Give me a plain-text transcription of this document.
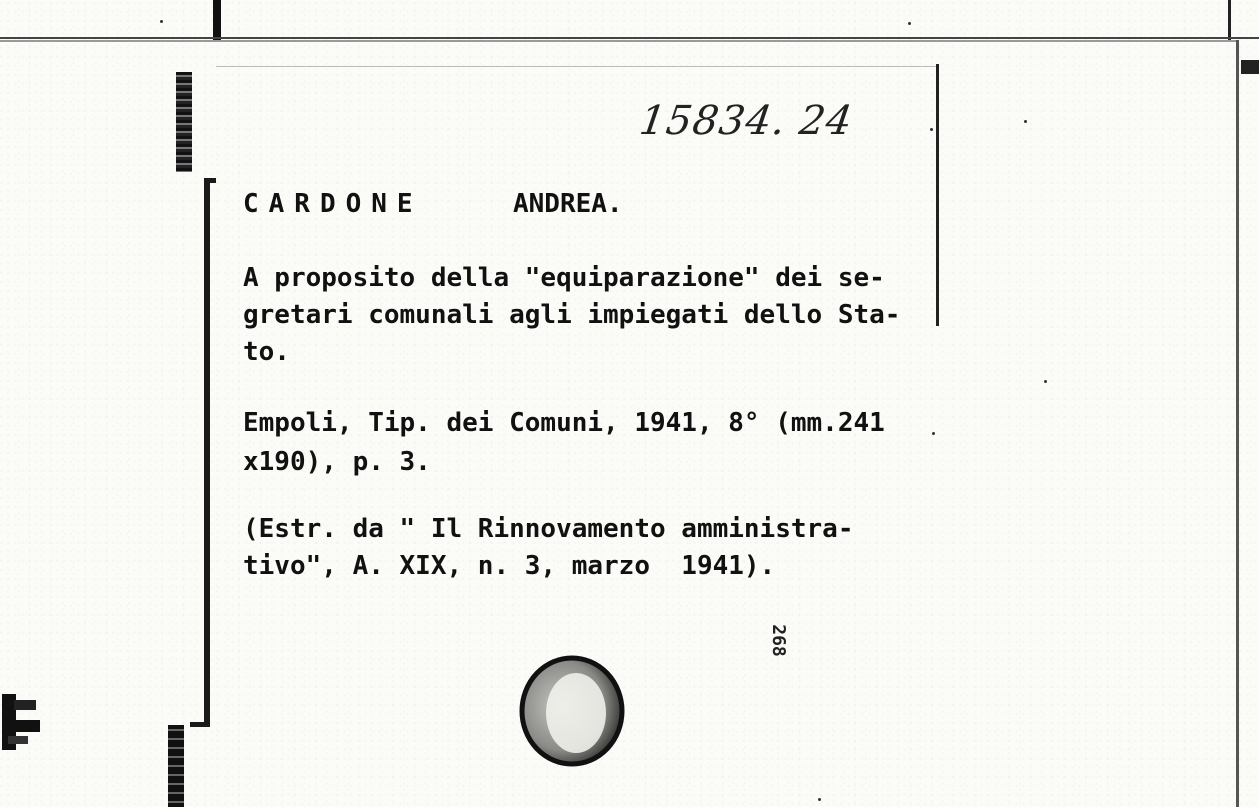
15834. 24
CARDONE	ANDREA.
A proposito della "equiparazione" dei se-
gretari comunali agli impiegati dello Sta-
to.
Empoli, Tip. dei Comuni, 1941, 8° (mm.241
x190), p. 3.
(Estr. da " Il Rinnovamento amministra-
tivo", A. XIX, n. 3, marzo  1941).
268
